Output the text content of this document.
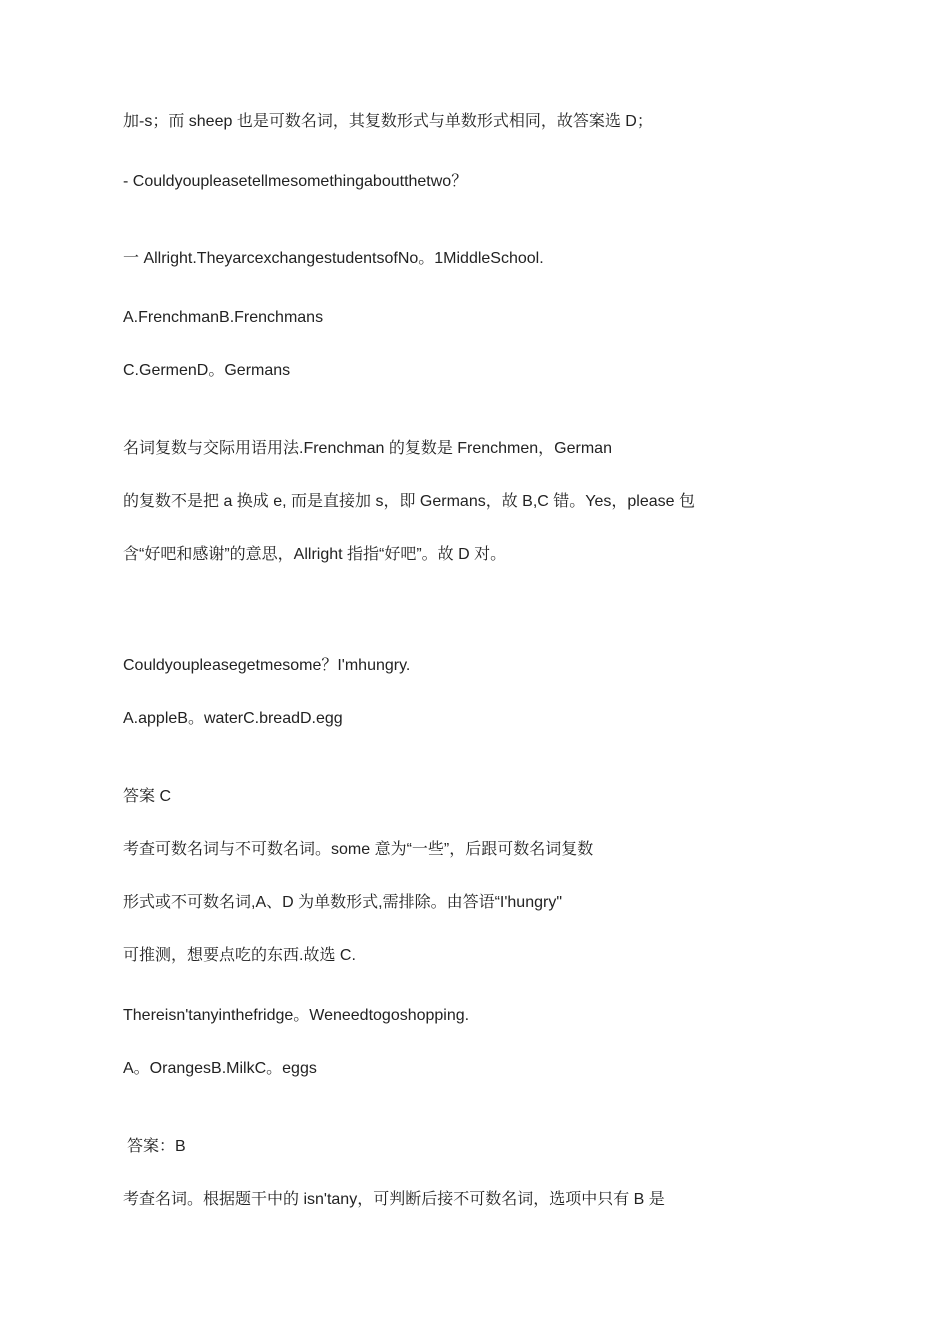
加-s；而 sheep 也是可数名词，其复数形式与单数形式相同，故答案选 D；
- Couldyoupleasetellmesomethingaboutthetwo？
一 Allright.TheyarcexchangestudentsofNo。1MiddleSchool.
A.FrenchmanB.Frenchmans
C.GermenD。Germans
名词复数与交际用语用法.Frenchman 的复数是 Frenchmen，German
的复数不是把 a 换成 e, 而是直接加 s，即 Germans，故 B,C 错。Yes，please 包
含“好吧和感谢”的意思，Allright 指指“好吧”。故 D 对。
Couldyoupleasegetmesome？I'mhungry.
A.appleB。waterC.breadD.egg
答案 C
考查可数名词与不可数名词。some 意为“一些”，后跟可数名词复数
形式或不可数名词,A、D 为单数形式,需排除。由答语“I'hungry"
可推测，想要点吃的东西.故选 C.
Thereisn'tanyinthefridge。Weneedtogoshopping.
A。OrangesB.MilkC。eggs
答案：B
考查名词。根据题干中的 isn'tany，可判断后接不可数名词，选项中只有 B 是
